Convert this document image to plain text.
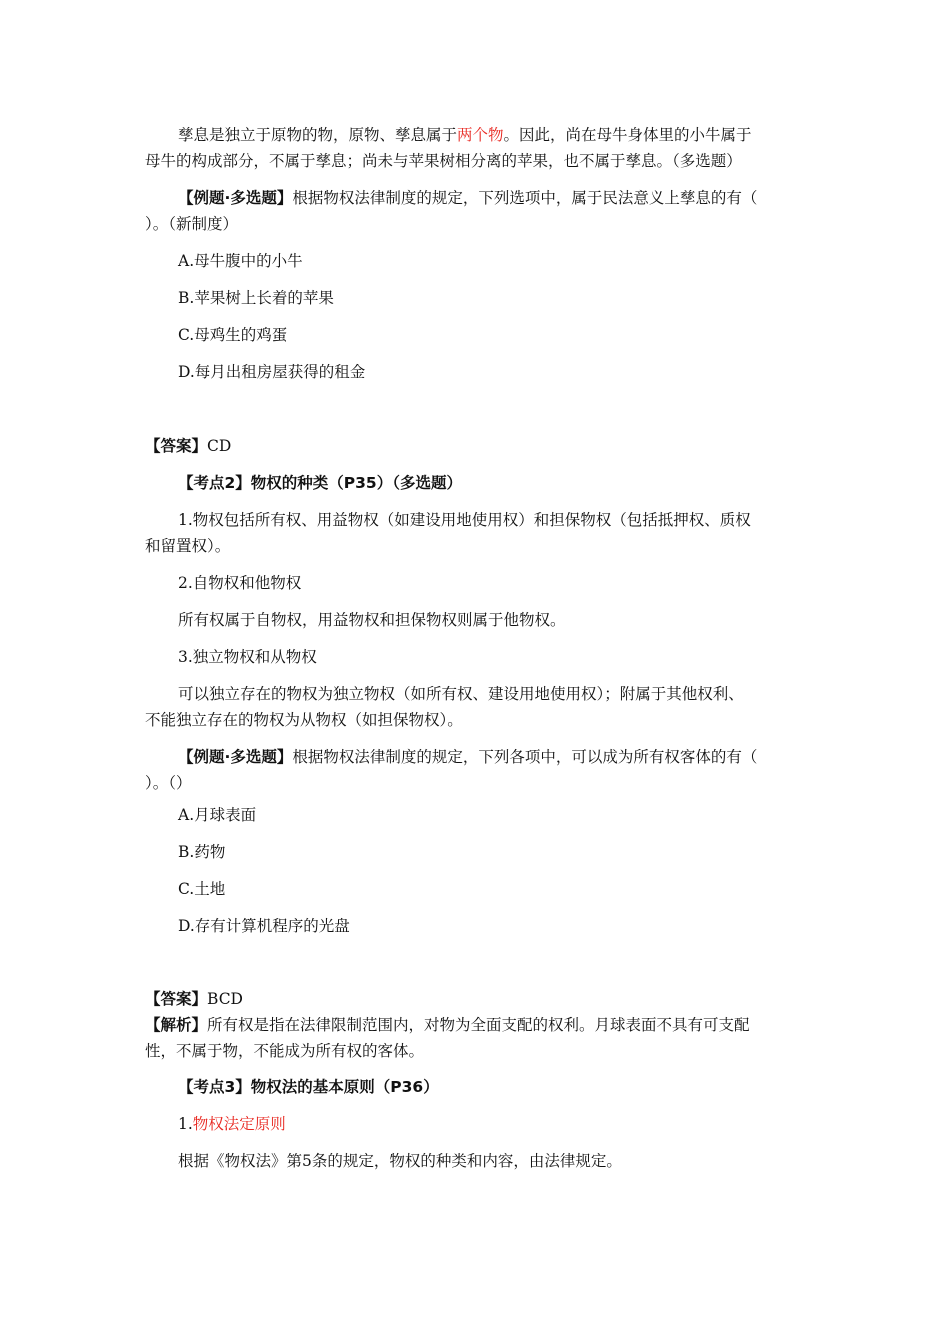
孳息是独立于原物的物，原物、孳息属于两个物。因此，尚在母牛身体里的小牛属于
母牛的构成部分，不属于孳息；尚未与苹果树相分离的苹果，也不属于孳息。（多选题）
【例题·多选题】根据物权法律制度的规定，下列选项中，属于民法意义上孳息的有（
）。（新制度）
A.母牛腹中的小牛
B.苹果树上长着的苹果
C.母鸡生的鸡蛋
D.每月出租房屋获得的租金
【答案】CD
【考点2】物权的种类（P35）（多选题）
1.物权包括所有权、用益物权（如建设用地使用权）和担保物权（包括抵押权、质权
和留置权）。
2.自物权和他物权
所有权属于自物权，用益物权和担保物权则属于他物权。
3.独立物权和从物权
可以独立存在的物权为独立物权（如所有权、建设用地使用权）；附属于其他权利、
不能独立存在的物权为从物权（如担保物权）。
【例题·多选题】根据物权法律制度的规定，下列各项中，可以成为所有权客体的有（
）。（）
A.月球表面
B.药物
C.土地
D.存有计算机程序的光盘
【答案】BCD
【解析】所有权是指在法律限制范围内，对物为全面支配的权利。月球表面不具有可支配
性，不属于物，不能成为所有权的客体。
【考点3】物权法的基本原则（P36）
1.物权法定原则
根据《物权法》第5条的规定，物权的种类和内容，由法律规定。
